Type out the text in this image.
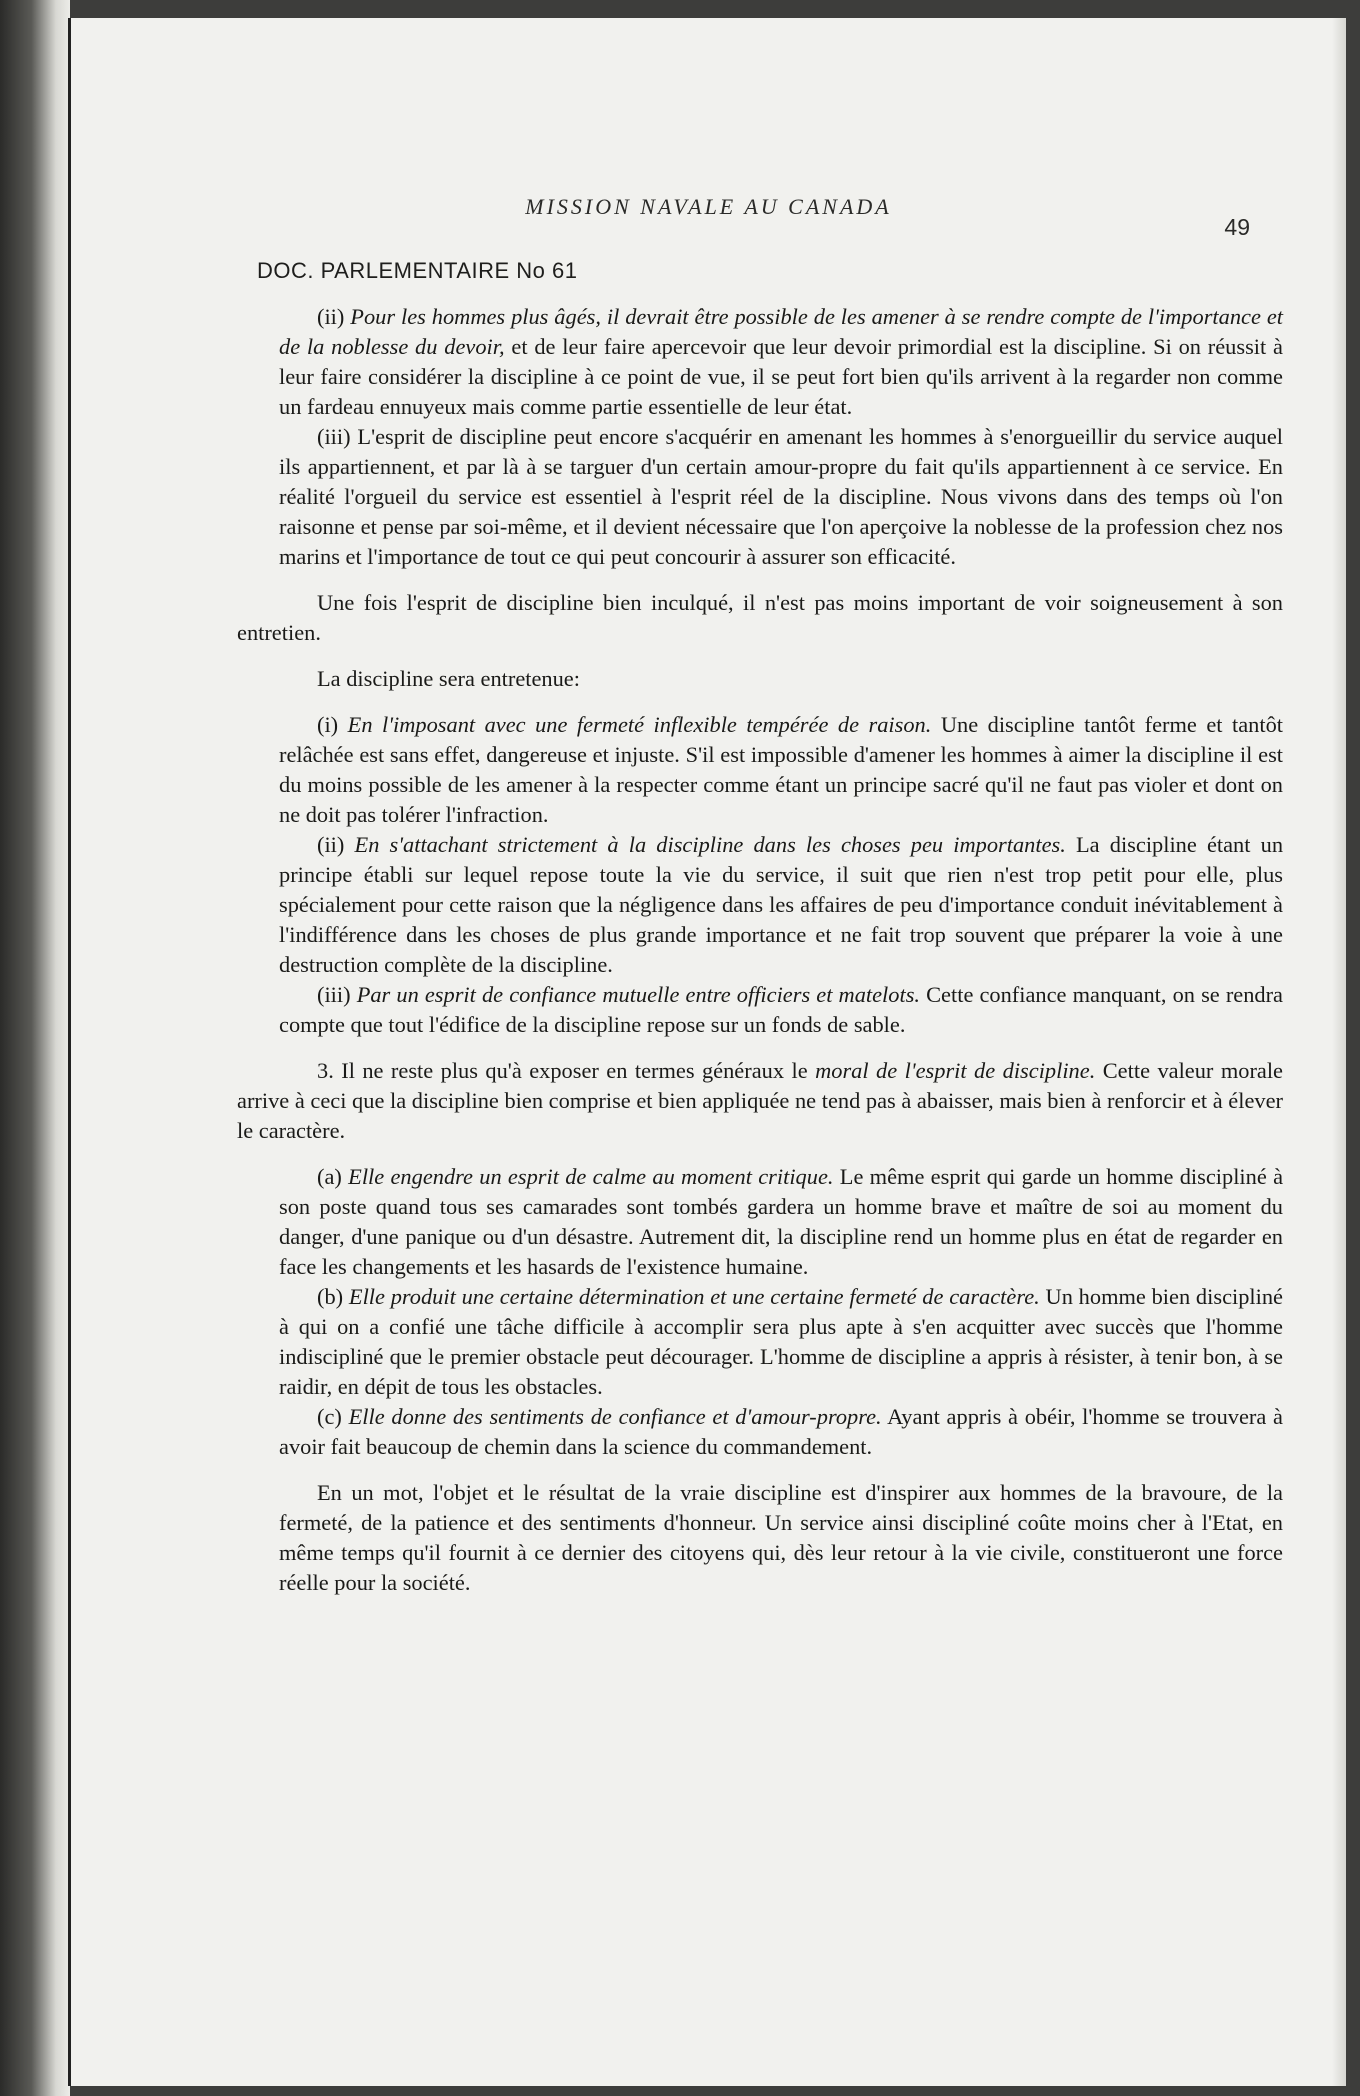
MISSION NAVALE AU CANADA
49
DOC. PARLEMENTAIRE No 61

(ii) Pour les hommes plus âgés, il devrait être possible de les amener à se rendre compte de l'importance et de la noblesse du devoir, et de leur faire apercevoir que leur devoir primordial est la discipline. Si on réussit à leur faire considérer la discipline à ce point de vue, il se peut fort bien qu'ils arrivent à la regarder non comme un fardeau ennuyeux mais comme partie essentielle de leur état.

(iii) L'esprit de discipline peut encore s'acquérir en amenant les hommes à s'enorgueillir du service auquel ils appartiennent, et par là à se targuer d'un certain amour-propre du fait qu'ils appartiennent à ce service. En réalité l'orgueil du service est essentiel à l'esprit réel de la discipline. Nous vivons dans des temps où l'on raisonne et pense par soi-même, et il devient nécessaire que l'on aperçoive la noblesse de la profession chez nos marins et l'importance de tout ce qui peut concourir à assurer son efficacité.

Une fois l'esprit de discipline bien inculqué, il n'est pas moins important de voir soigneusement à son entretien.

La discipline sera entretenue:

(i) En l'imposant avec une fermeté inflexible tempérée de raison. Une discipline tantôt ferme et tantôt relâchée est sans effet, dangereuse et injuste. S'il est impossible d'amener les hommes à aimer la discipline il est du moins possible de les amener à la respecter comme étant un principe sacré qu'il ne faut pas violer et dont on ne doit pas tolérer l'infraction.

(ii) En s'attachant strictement à la discipline dans les choses peu importantes. La discipline étant un principe établi sur lequel repose toute la vie du service, il suit que rien n'est trop petit pour elle, plus spécialement pour cette raison que la négligence dans les affaires de peu d'importance conduit inévitablement à l'indifférence dans les choses de plus grande importance et ne fait trop souvent que préparer la voie à une destruction complète de la discipline.

(iii) Par un esprit de confiance mutuelle entre officiers et matelots. Cette confiance manquant, on se rendra compte que tout l'édifice de la discipline repose sur un fonds de sable.

3. Il ne reste plus qu'à exposer en termes généraux le moral de l'esprit de discipline. Cette valeur morale arrive à ceci que la discipline bien comprise et bien appliquée ne tend pas à abaisser, mais bien à renforcir et à élever le caractère.

(a) Elle engendre un esprit de calme au moment critique. Le même esprit qui garde un homme discipliné à son poste quand tous ses camarades sont tombés gardera un homme brave et maître de soi au moment du danger, d'une panique ou d'un désastre. Autrement dit, la discipline rend un homme plus en état de regarder en face les changements et les hasards de l'existence humaine.

(b) Elle produit une certaine détermination et une certaine fermeté de caractère. Un homme bien discipliné à qui on a confié une tâche difficile à accomplir sera plus apte à s'en acquitter avec succès que l'homme indiscipliné que le premier obstacle peut décourager. L'homme de discipline a appris à résister, à tenir bon, à se raidir, en dépit de tous les obstacles.

(c) Elle donne des sentiments de confiance et d'amour-propre. Ayant appris à obéir, l'homme se trouvera à avoir fait beaucoup de chemin dans la science du commandement.

En un mot, l'objet et le résultat de la vraie discipline est d'inspirer aux hommes de la bravoure, de la fermeté, de la patience et des sentiments d'honneur. Un service ainsi discipliné coûte moins cher à l'Etat, en même temps qu'il fournit à ce dernier des citoyens qui, dès leur retour à la vie civile, constitueront une force réelle pour la société.
